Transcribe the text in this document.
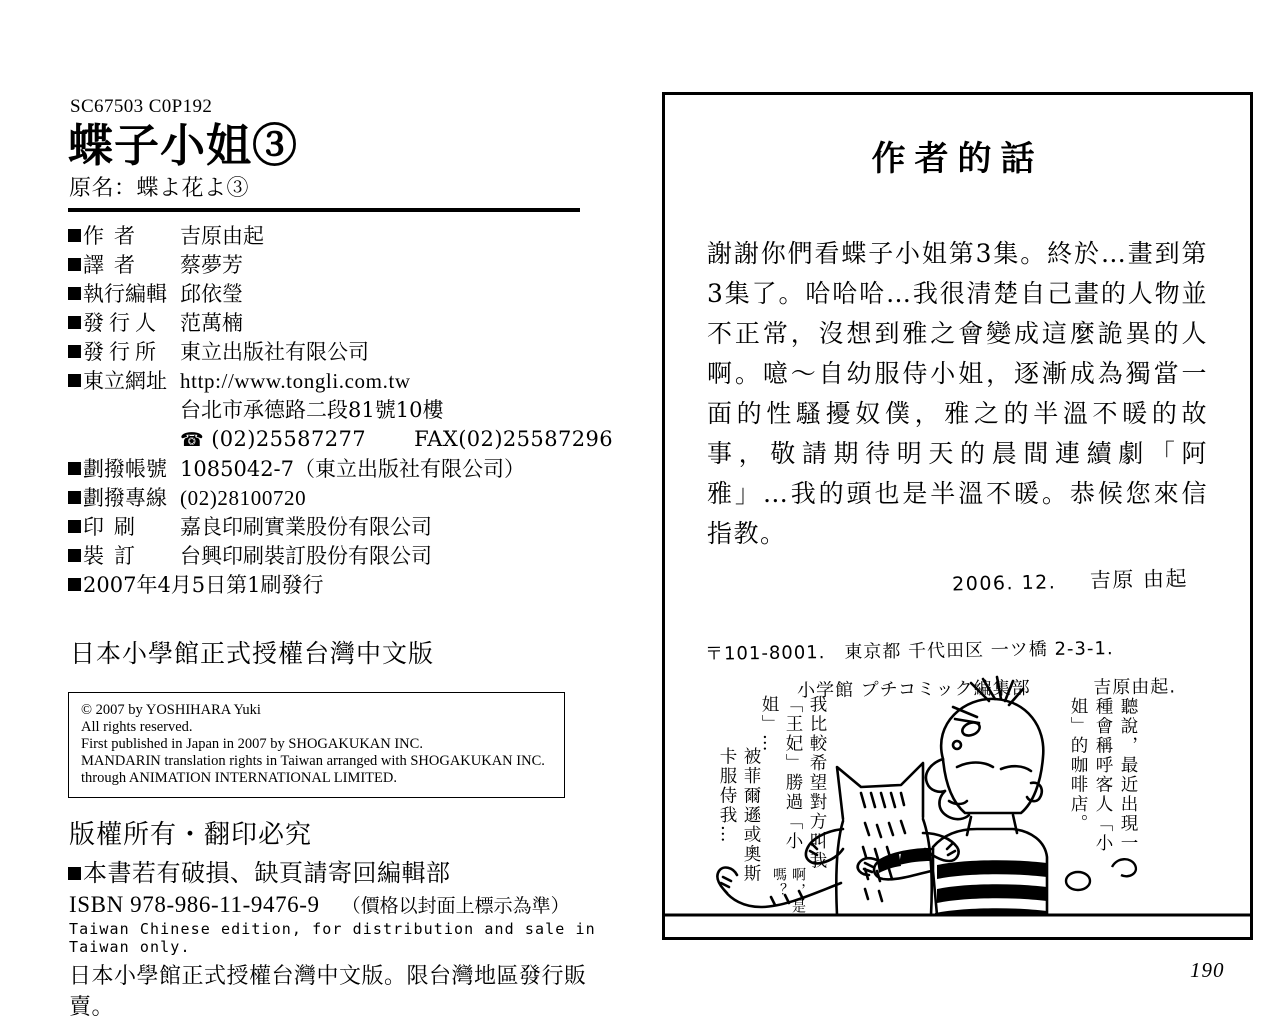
SC67503 C0P192
蝶子小姐③
原名：蝶よ花よ③
作者	吉原由起
譯者	蔡夢芳
執行編輯	邱依瑩
發行人	范萬楠
發行所	東立出版社有限公司
東立網址	http://www.tongli.com.tw
	台北市承德路二段81號10樓
	☎ (02)25587277 FAX(02)25587296
劃撥帳號	1085042-7（東立出版社有限公司）
劃撥專線	(02)28100720
印刷	嘉良印刷實業股份有限公司
裝訂	台興印刷裝訂股份有限公司

2007年4月5日第1刷發行

日本小學館正式授權台灣中文版

© 2007 by YOSHIHARA Yuki

All rights reserved.

First published in Japan in 2007 by SHOGAKUKAN INC.

MANDARIN translation rights in Taiwan arranged with SHOGAKUKAN INC.

through ANIMATION INTERNATIONAL LIMITED.

版權所有・翻印必究

本書若有破損、缺頁請寄回編輯部

ISBN 978-986-11-9476-9 （價格以封面上標示為準）

Taiwan Chinese edition, for distribution and sale in Taiwan only.

日本小學館正式授權台灣中文版。限台灣地區發行販賣。

作者的話
謝謝你們看蝶子小姐第3集。終於…畫到第3集了。哈哈哈…我很清楚自己畫的人物並不正常，沒想到雅之會變成這麼詭異的人啊。噫～自幼服侍小姐，逐漸成為獨當一面的性騷擾奴僕，雅之的半溫不暖的故事，敬請期待明天的晨間連續劇「阿雅」…我的頭也是半溫不暖。恭候您來信指教。
2006. 12. 吉原 由起
〒101-8001.　東京都 千代田区 一ツ橋 2-3-1.
小学館 プチコミック編集部	吉原由起.
我比較希望對方叫我「王妃」勝過「小姐」…
被菲爾遜或奧斯卡服侍我…	聽說，最近出現一種會稱呼客人「小姐」的咖啡店。
啊，是嗎？
190
